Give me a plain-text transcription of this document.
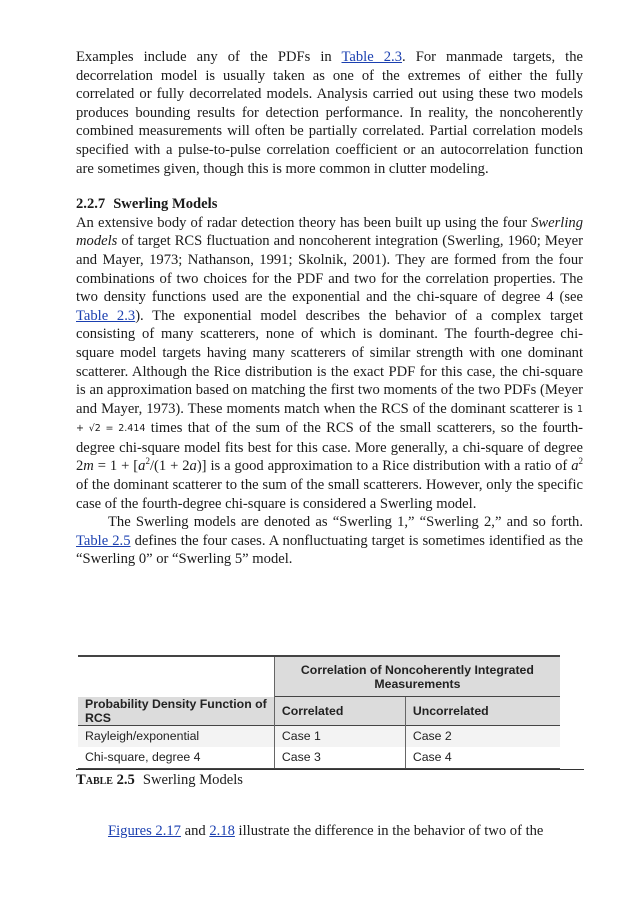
Examples include any of the PDFs in Table 2.3. For manmade targets, the decorrelation model is usually taken as one of the extremes of either the fully correlated or fully decorrelated models. Analysis carried out using these two models produces bounding results for detection performance. In reality, the noncoherently combined measurements will often be partially correlated. Partial correlation models specified with a pulse-to-pulse correlation coefficient or an autocorrelation function are sometimes given, though this is more common in clutter modeling.

2.2.7 Swerling Models

An extensive body of radar detection theory has been built up using the four Swerling models of target RCS fluctuation and noncoherent integration (Swerling, 1960; Meyer and Mayer, 1973; Nathanson, 1991; Skolnik, 2001). They are formed from the four combinations of two choices for the PDF and two for the correlation properties. The two density functions used are the exponential and the chi-square of degree 4 (see Table 2.3). The exponential model describes the behavior of a complex target consisting of many scatterers, none of which is dominant. The fourth-degree chi-square model targets having many scatterers of similar strength with one dominant scatterer. Although the Rice distribution is the exact PDF for this case, the chi-square is an approximation based on matching the first two moments of the two PDFs (Meyer and Mayer, 1973). These moments match when the RCS of the dominant scatterer is 1 + √2 = 2.414 times that of the sum of the RCS of the small scatterers, so the fourth-degree chi-square model fits best for this case. More generally, a chi-square of degree $2m = 1 + [a^2/(1 + 2a)]$ is a good approximation to a Rice distribution with a ratio of $a^2$ of the dominant scatterer to the sum of the small scatterers. However, only the specific case of the fourth-degree chi-square is considered a Swerling model.

The Swerling models are denoted as “Swerling 1,” “Swerling 2,” and so forth. Table 2.5 defines the four cases. A nonfluctuating target is sometimes identified as the “Swerling 0” or “Swerling 5” model.

	Correlation of Noncoherently Integrated Measurements	
Probability Density Function of RCS	Correlated	Uncorrelated
Rayleigh/exponential	Case 1	Case 2
Chi-square, degree 4	Case 3	Case 4
Table 2.5 Swerling Models

Figures 2.17 and 2.18 illustrate the difference in the behavior of two of the
